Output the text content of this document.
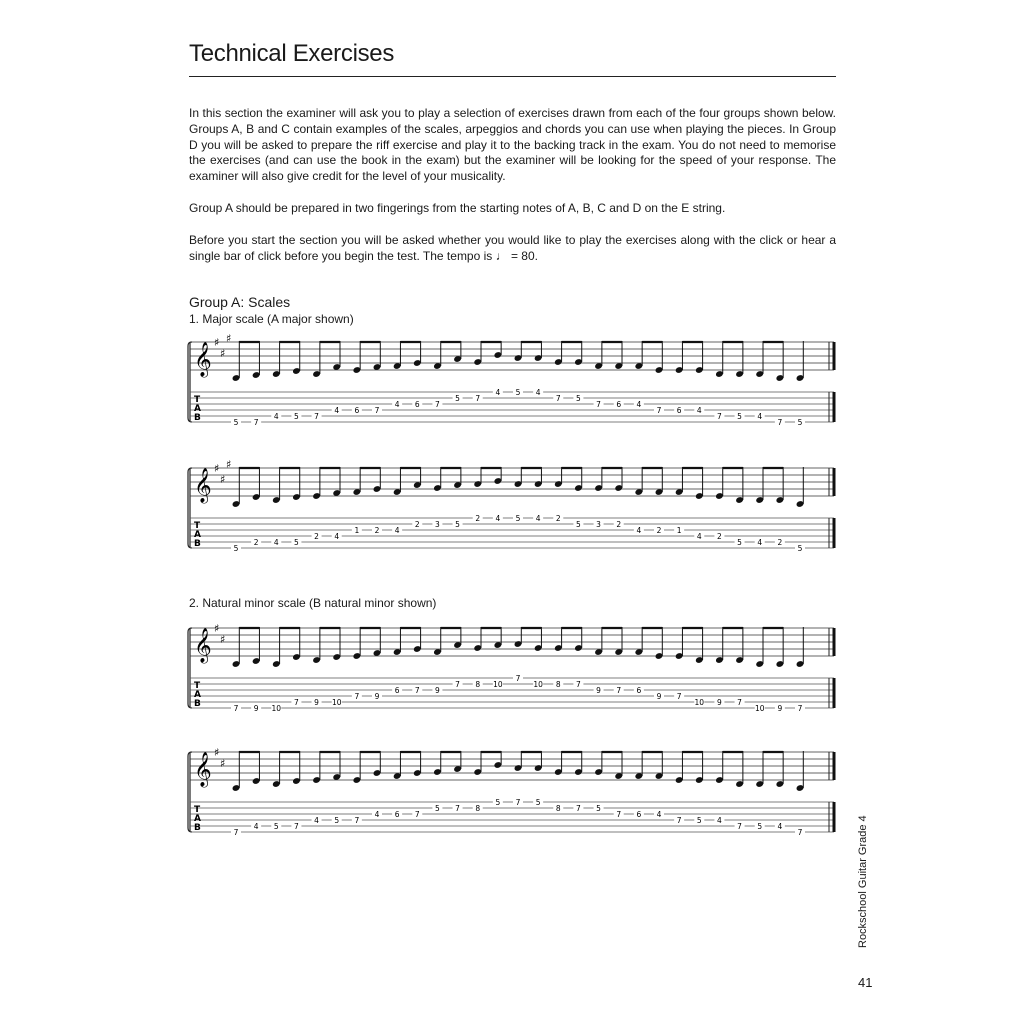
Technical Exercises

In this section the examiner will ask you to play a selection of exercises drawn from each of the four groups shown below. Groups A, B and C contain examples of the scales, arpeggios and chords you can use when playing the pieces. In Group D you will be asked to prepare the riff exercise and play it to the backing track in the exam. You do not need to memorise the exercises (and can use the book in the exam) but the examiner will be looking for the speed of your response. The examiner will also give credit for the level of your musicality.

Group A should be prepared in two fingerings from the starting notes of A, B, C and D on the E string.

Before you start the section you will be asked whether you would like to play the exercises along with the click or hear a single bar of click before you begin the test. The tempo is ♩ = 80.

Group A: Scales
1. Major scale (A major shown)
𝄞 ♯
♯
♯
T
A
B	5 7
4 5 7
4 6 7
4 6 7
5 7
4 5 4
7 5
7 6 4
7 6 4
7 5 4
7 5
𝄞 ♯
♯
♯
T
A
B	5
2 4 5
2 4
1 2 4
2 3 5
2 4 5 4 2
5 3 2
4 2 1
4 2
5 4 2
5
2. Natural minor scale (B natural minor shown)
𝄞 ♯
♯
T
A
B	7 9 10
7 9 10
7 9
6 7 9
7 8 10
7
10 8 7
9 7 6
9 7
10 9 7
10 9 7
𝄞 ♯
♯
T
A
B	7
4 5 7
4 5 7
4 6 7
5 7 8
5 7 5
8 7 5
7 6 4
7 5 4
7 5 4
7	Rockschool Guitar Grade 4
41
